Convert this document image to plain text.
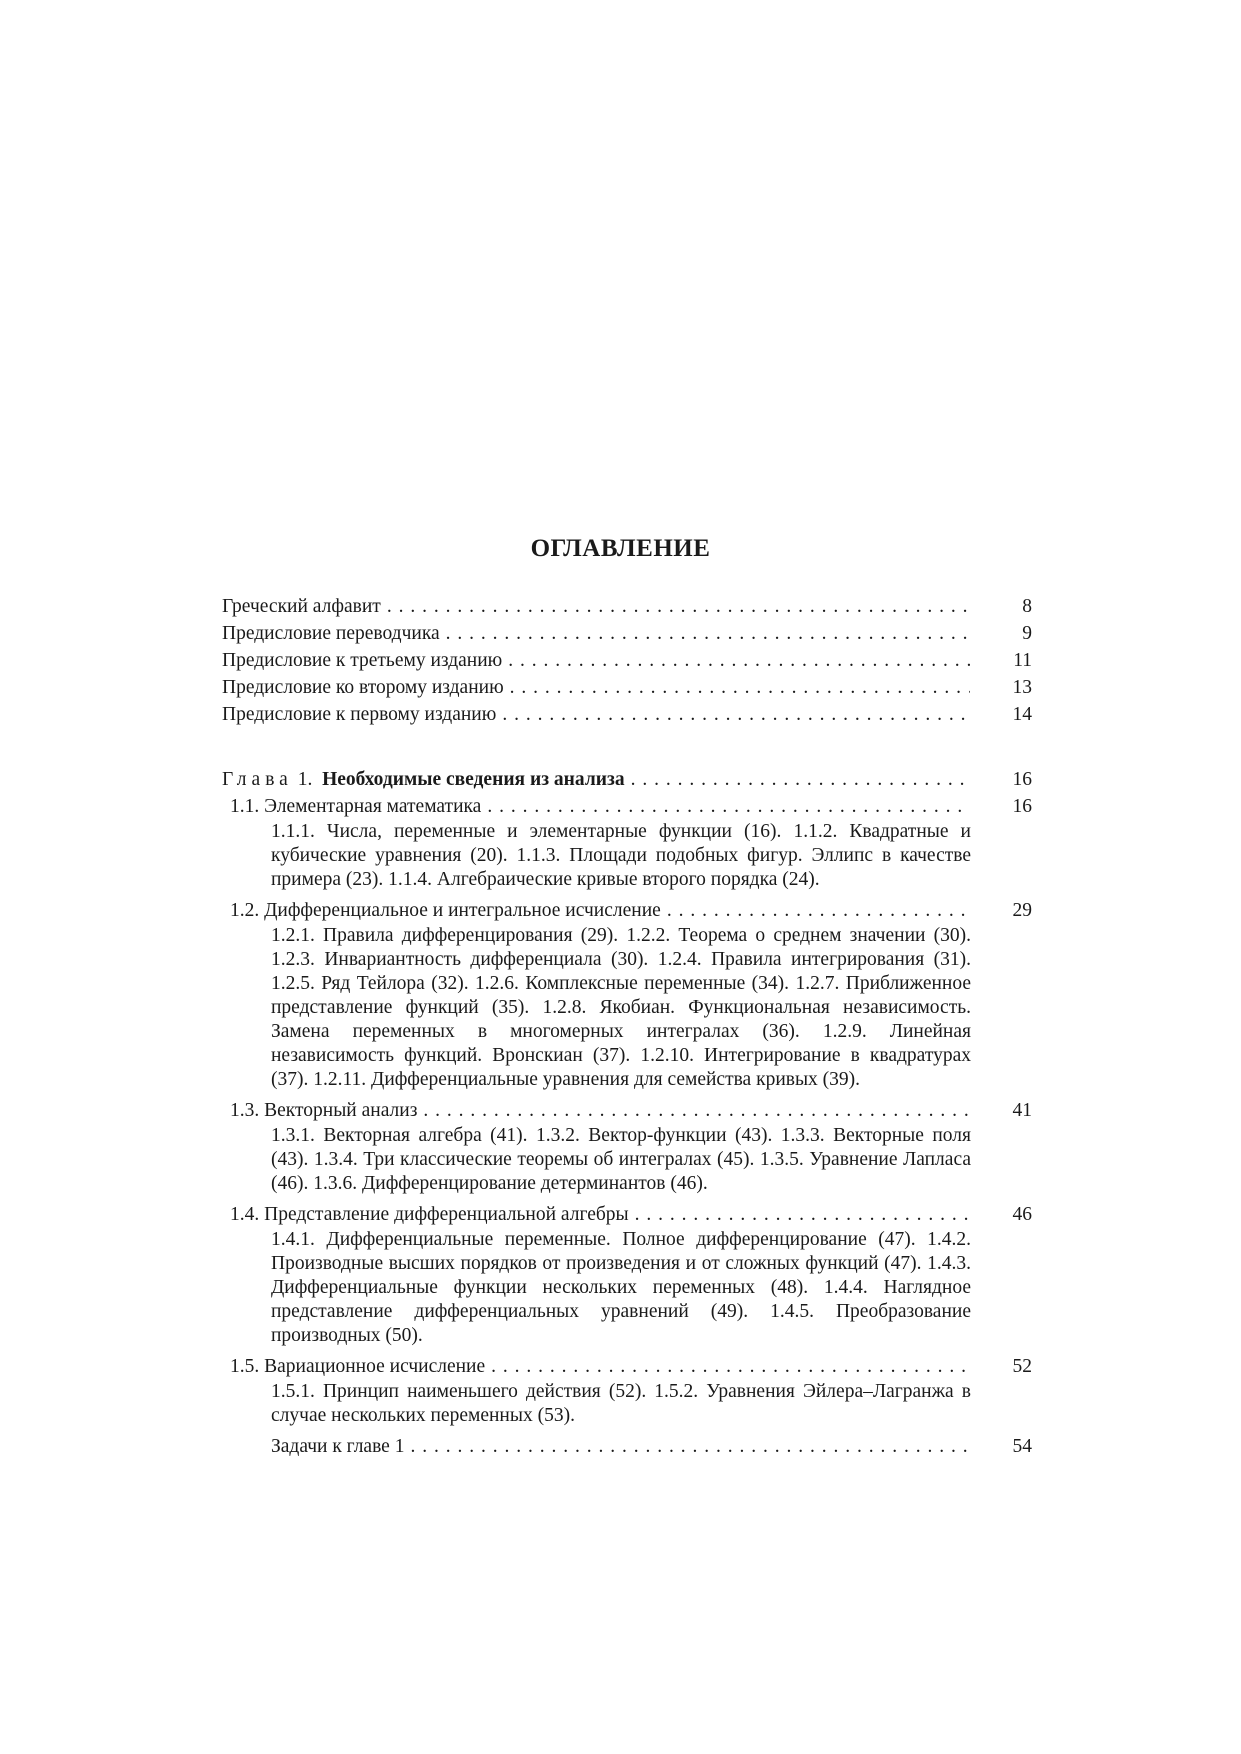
ОГЛАВЛЕНИЕ
Греческий алфавит . . .	8
Предисловие переводчика . . .	9
Предисловие к третьему изданию . . .	11
Предисловие ко второму изданию . . .	13
Предисловие к первому изданию . . .	14
Глава 1. Необходимые сведения из анализа . . .	16
1.1. Элементарная математика . . .	16
1.1.1. Числа, переменные и элементарные функции (16). 1.1.2. Квадратные и кубические уравнения (20). 1.1.3. Площади подобных фигур. Эллипс в качестве примера (23). 1.1.4. Алгебраические кривые второго порядка (24).
1.2. Дифференциальное и интегральное исчисление . . .	29
1.2.1. Правила дифференцирования (29). 1.2.2. Теорема о среднем значении (30). 1.2.3. Инвариантность дифференциала (30). 1.2.4. Правила интегрирования (31). 1.2.5. Ряд Тейлора (32). 1.2.6. Комплексные переменные (34). 1.2.7. Приближенное представление функций (35). 1.2.8. Якобиан. Функциональная независимость. Замена переменных в многомерных интегралах (36). 1.2.9. Линейная независимость функций. Вронскиан (37). 1.2.10. Интегрирование в квадратурах (37). 1.2.11. Дифференциальные уравнения для семейства кривых (39).
1.3. Векторный анализ . . .	41
1.3.1. Векторная алгебра (41). 1.3.2. Вектор-функции (43). 1.3.3. Векторные поля (43). 1.3.4. Три классические теоремы об интегралах (45). 1.3.5. Уравнение Лапласа (46). 1.3.6. Дифференцирование детерминантов (46).
1.4. Представление дифференциальной алгебры . . .	46
1.4.1. Дифференциальные переменные. Полное дифференцирование (47). 1.4.2. Производные высших порядков от произведения и от сложных функций (47). 1.4.3. Дифференциальные функции нескольких переменных (48). 1.4.4. Наглядное представление дифференциальных уравнений (49). 1.4.5. Преобразование производных (50).
1.5. Вариационное исчисление . . .	52
1.5.1. Принцип наименьшего действия (52). 1.5.2. Уравнения Эйлера–Лагранжа в случае нескольких переменных (53).
Задачи к главе 1 . . .	54
